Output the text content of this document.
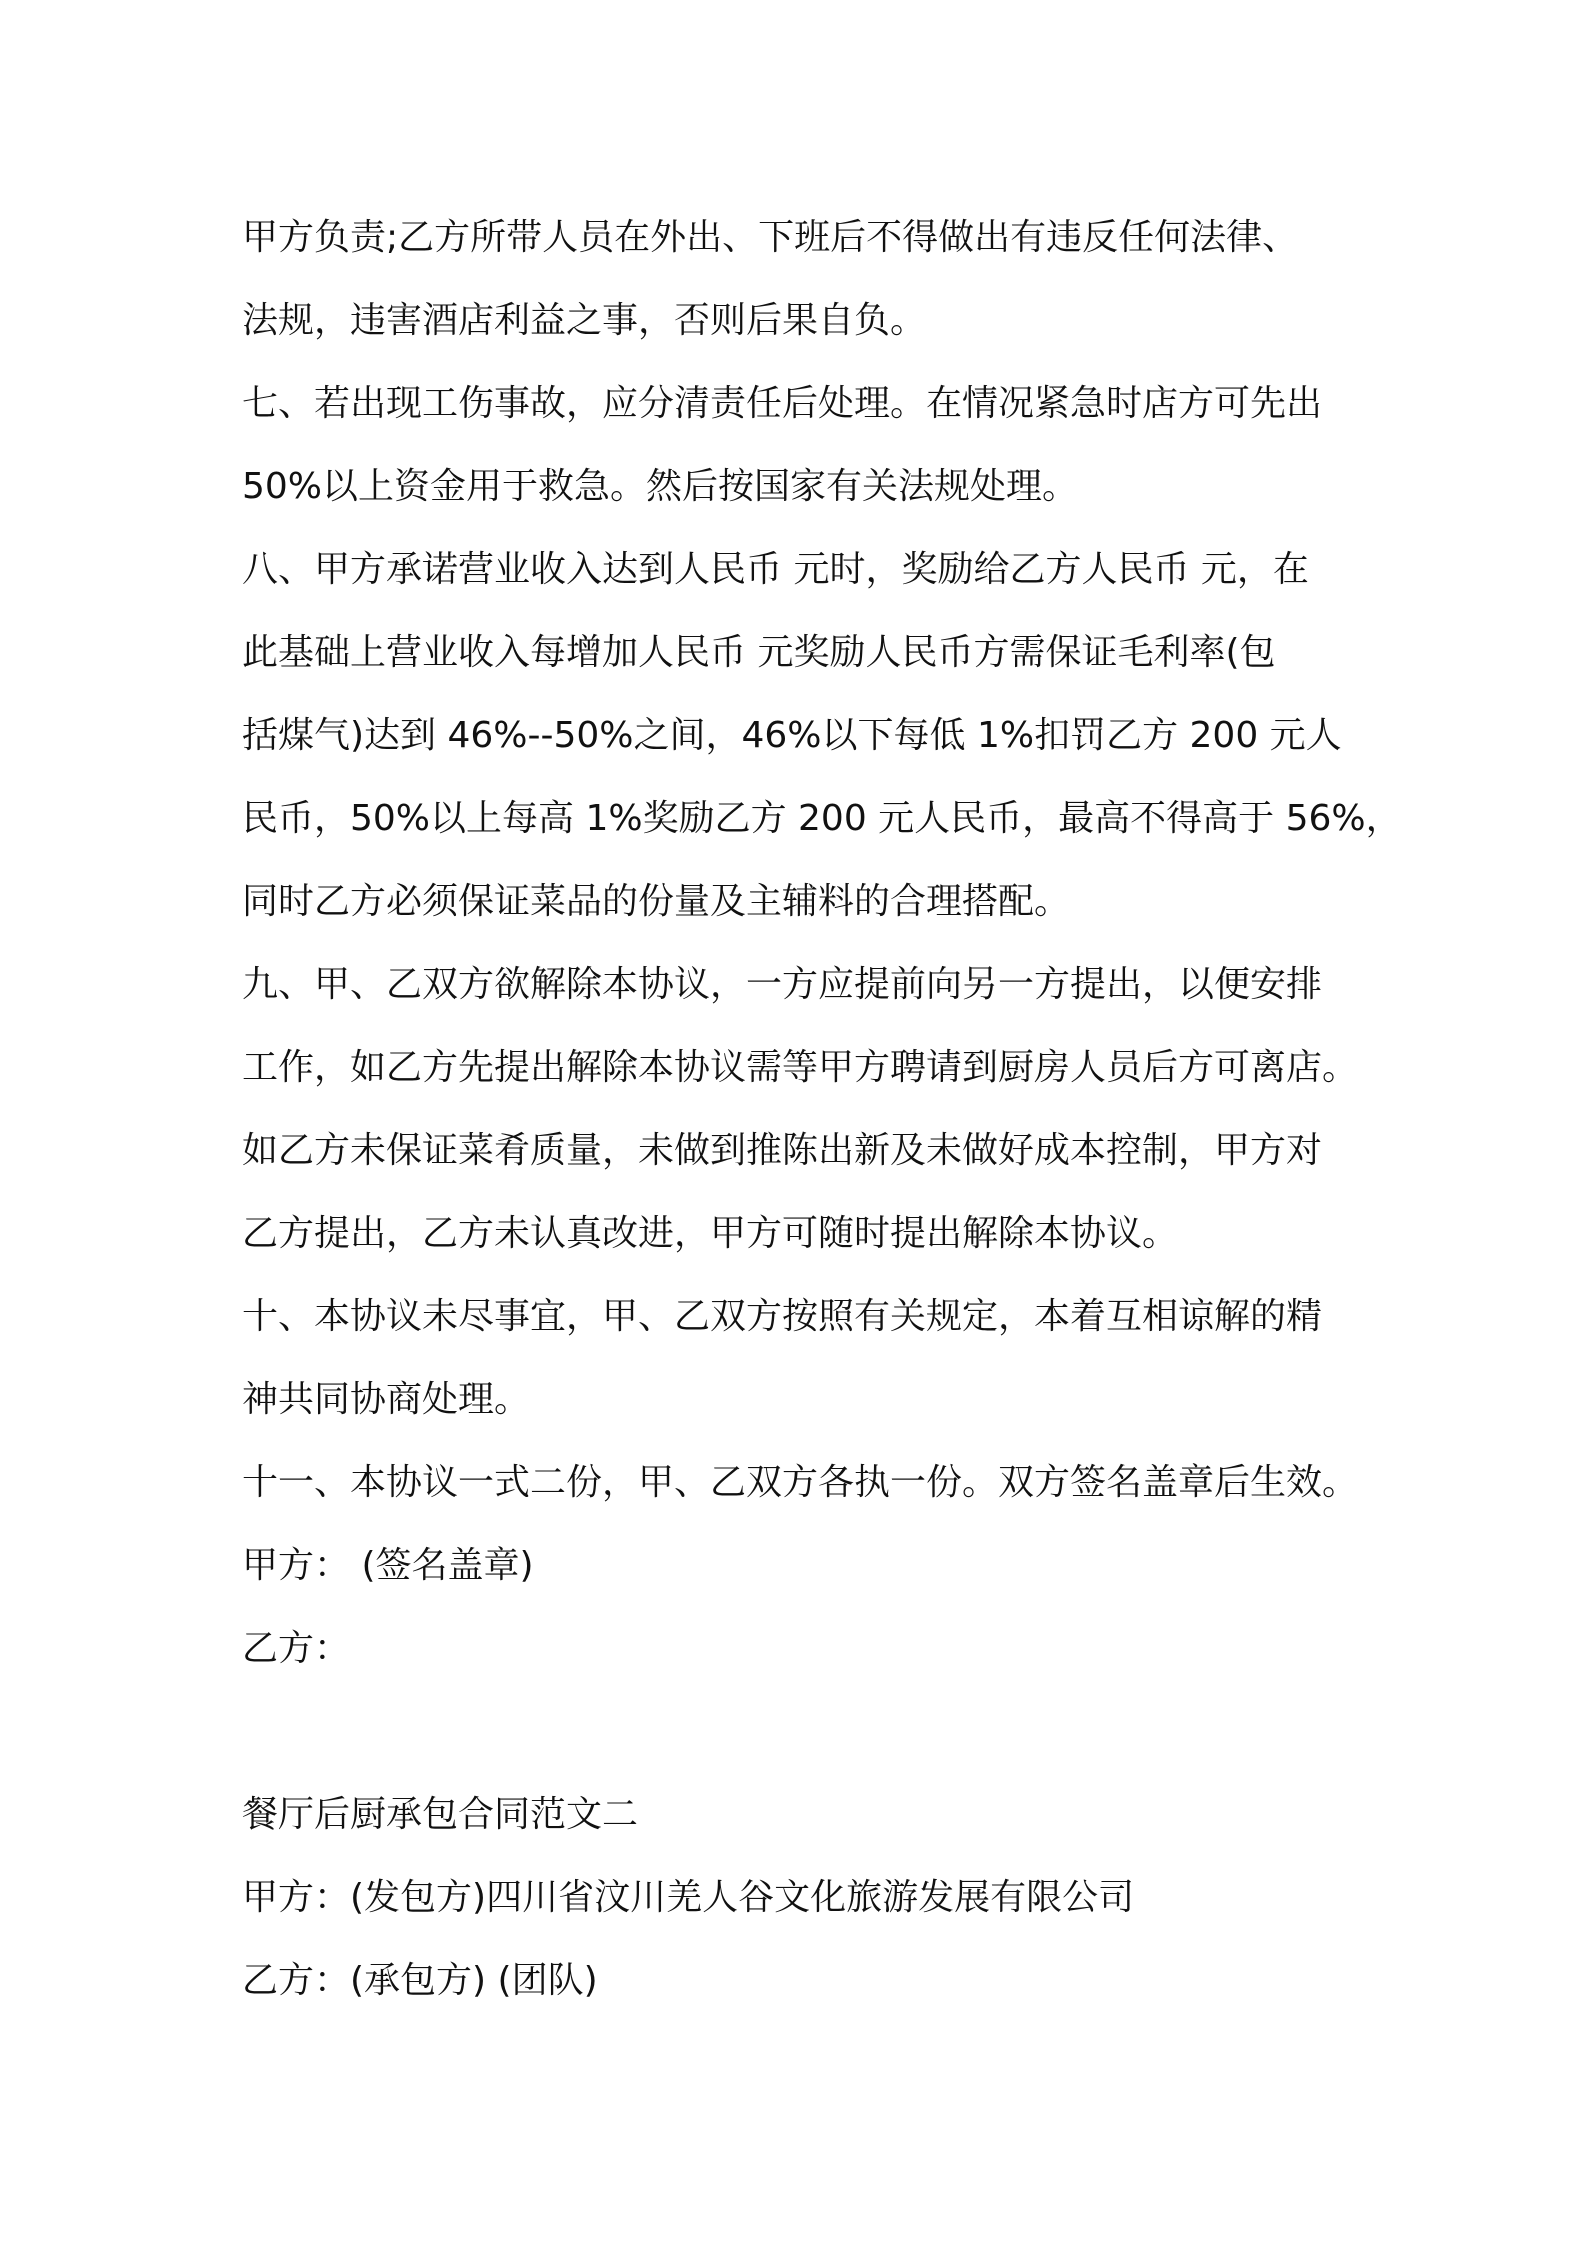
甲方负责;乙方所带人员在外出、下班后不得做出有违反任何法律、
法规，违害酒店利益之事，否则后果自负。
七、若出现工伤事故，应分清责任后处理。在情况紧急时店方可先出
50%以上资金用于救急。然后按国家有关法规处理。
八、甲方承诺营业收入达到人民币 元时，奖励给乙方人民币 元，在
此基础上营业收入每增加人民币 元奖励人民币方需保证毛利率(包
括煤气)达到 46%--50%之间，46%以下每低 1%扣罚乙方 200 元人
民币，50%以上每高 1%奖励乙方 200 元人民币，最高不得高于 56%，
同时乙方必须保证菜品的份量及主辅料的合理搭配。
九、甲、乙双方欲解除本协议，一方应提前向另一方提出，以便安排
工作，如乙方先提出解除本协议需等甲方聘请到厨房人员后方可离店。
如乙方未保证菜肴质量，未做到推陈出新及未做好成本控制，甲方对
乙方提出，乙方未认真改进，甲方可随时提出解除本协议。
十、本协议未尽事宜，甲、乙双方按照有关规定，本着互相谅解的精
神共同协商处理。
十一、本协议一式二份，甲、乙双方各执一份。双方签名盖章后生效。
甲方： (签名盖章)
乙方：
餐厅后厨承包合同范文二
甲方：(发包方)四川省汶川羌人谷文化旅游发展有限公司
乙方：(承包方) (团队)
